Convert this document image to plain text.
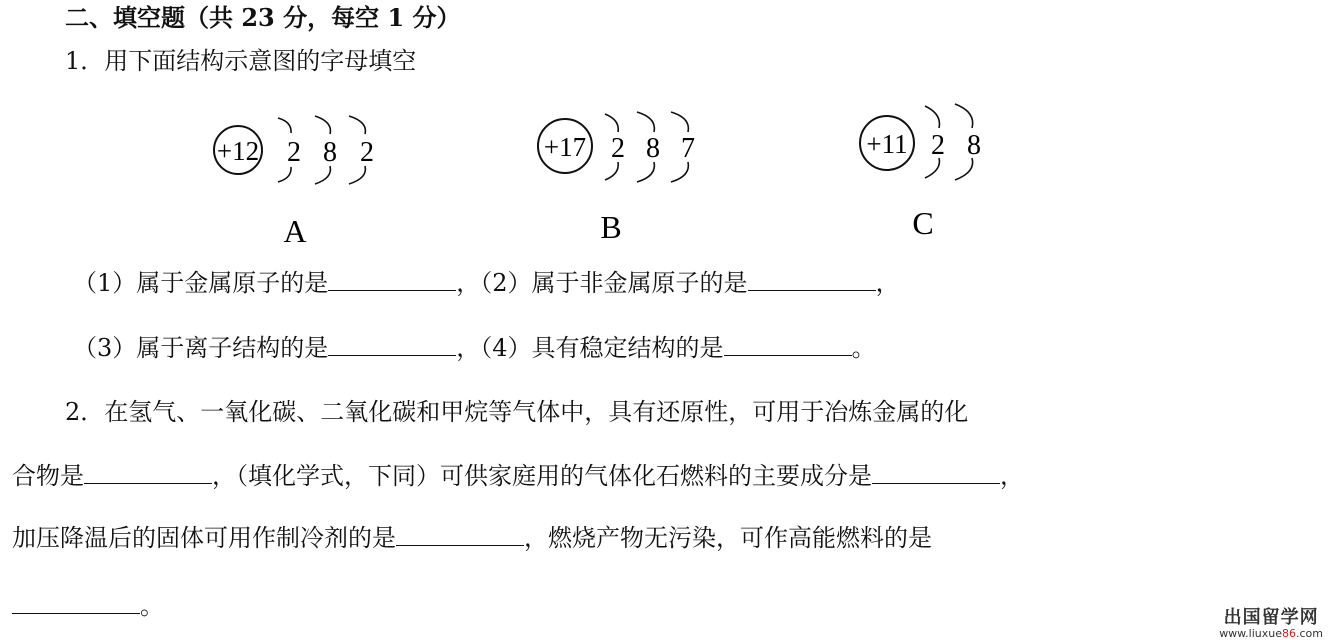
二、填空题（共 23 分，每空 1 分）
1．用下面结构示意图的字母填空
+12 2 8 2
A
+17 2 8 7
B
+11 2 8
C
（1）属于金属原子的是	，（2）属于非金属原子的是	，
（3）属于离子结构的是	，（4）具有稳定结构的是	。
2．在氢气、一氧化碳、二氧化碳和甲烷等气体中，具有还原性，可用于冶炼金属的化
合物是	，（填化学式，下同）可供家庭用的气体化石燃料的主要成分是	，
加压降温后的固体可用作制冷剂的是	，燃烧产物无污染，可作高能燃料的是
。	出国留学网
www.liuxue86.com
